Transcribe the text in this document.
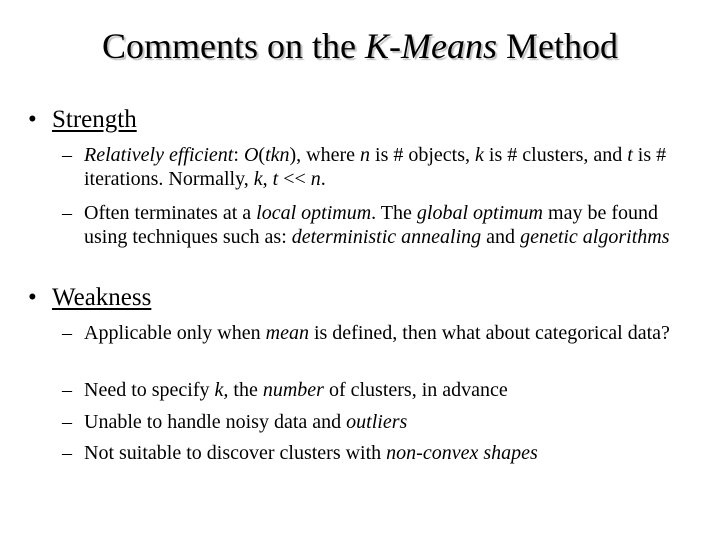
Comments on the K-Means Method
• Strength
– Relatively efficient: O(tkn), where n is # objects, k is # clusters, and t is # iterations. Normally, k, t << n.
– Often terminates at a local optimum. The global optimum may be found using techniques such as: deterministic annealing and genetic algorithms
• Weakness
– Applicable only when mean is defined, then what about categorical data?
– Need to specify k, the number of clusters, in advance
– Unable to handle noisy data and outliers
– Not suitable to discover clusters with non-convex shapes
